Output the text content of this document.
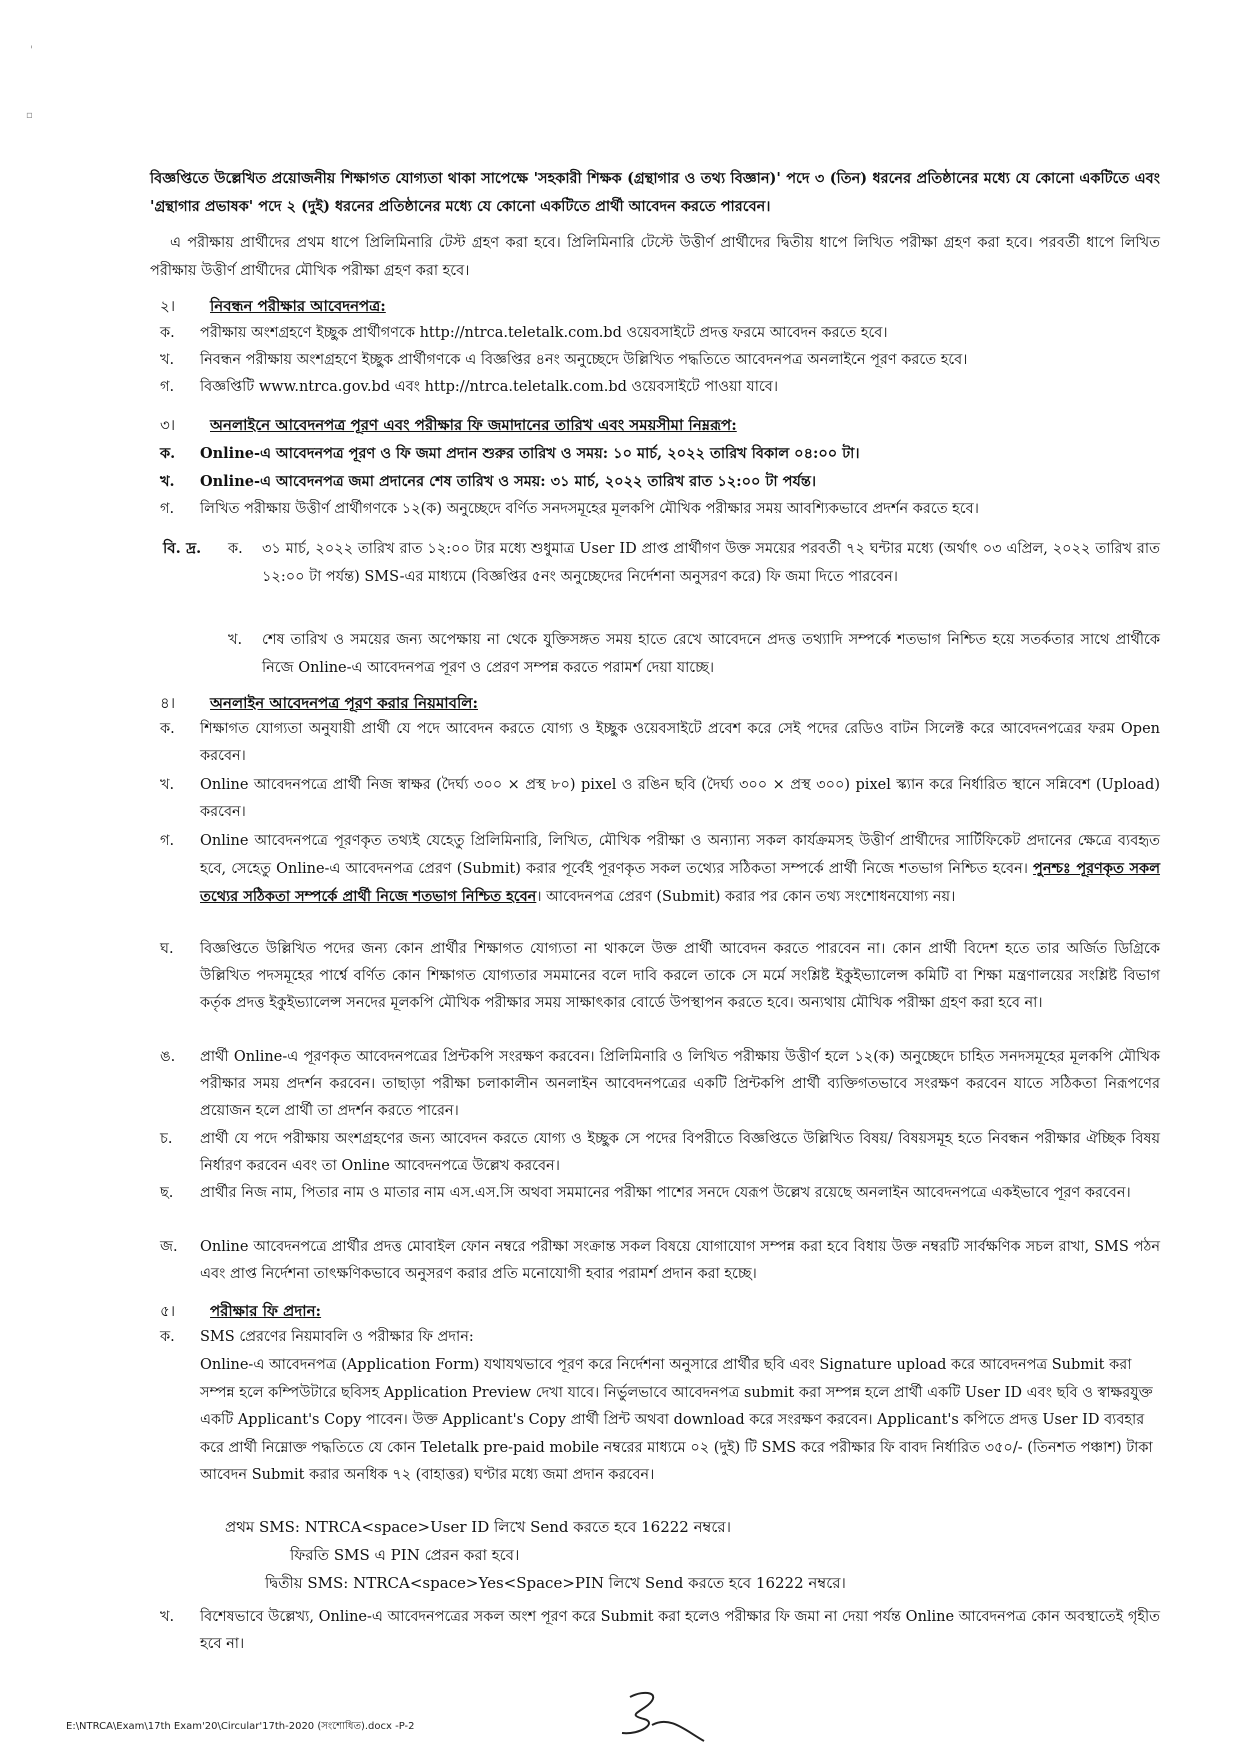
'
▫

বিজ্ঞপ্তিতে উল্লেখিত প্রয়োজনীয় শিক্ষাগত যোগ্যতা থাকা সাপেক্ষে 'সহকারী শিক্ষক (গ্রন্থাগার ও তথ্য বিজ্ঞান)' পদে ৩ (তিন) ধরনের প্রতিষ্ঠানের মধ্যে যে কোনো একটিতে এবং 'গ্রন্থাগার প্রভাষক' পদে ২ (দুই) ধরনের প্রতিষ্ঠানের মধ্যে যে কোনো একটিতে প্রার্থী আবেদন করতে পারবেন।

এ পরীক্ষায় প্রার্থীদের প্রথম ধাপে প্রিলিমিনারি টেস্ট গ্রহণ করা হবে। প্রিলিমিনারি টেস্টে উত্তীর্ণ প্রার্থীদের দ্বিতীয় ধাপে লিখিত পরীক্ষা গ্রহণ করা হবে। পরবর্তী ধাপে লিখিত পরীক্ষায় উত্তীর্ণ প্রার্থীদের মৌখিক পরীক্ষা গ্রহণ করা হবে।

২। নিবন্ধন পরীক্ষার আবেদনপত্র:

ক.	পরীক্ষায় অংশগ্রহণে ইচ্ছুক প্রার্থীগণকে http://ntrca.teletalk.com.bd ওয়েবসাইটে প্রদত্ত ফরমে আবেদন করতে হবে।

খ.	নিবন্ধন পরীক্ষায় অংশগ্রহণে ইচ্ছুক প্রার্থীগণকে এ বিজ্ঞপ্তির ৪নং অনুচ্ছেদে উল্লিখিত পদ্ধতিতে আবেদনপত্র অনলাইনে পূরণ করতে হবে।

গ.	বিজ্ঞপ্তিটি www.ntrca.gov.bd এবং http://ntrca.teletalk.com.bd ওয়েবসাইটে পাওয়া যাবে।

৩। অনলাইনে আবেদনপত্র পূরণ এবং পরীক্ষার ফি জমাদানের তারিখ এবং সময়সীমা নিম্নরূপ:

ক.	Online-এ আবেদনপত্র পূরণ ও ফি জমা প্রদান শুরুর তারিখ ও সময়: ১০ মার্চ, ২০২২ তারিখ বিকাল ০৪:০০ টা।

খ.	Online-এ আবেদনপত্র জমা প্রদানের শেষ তারিখ ও সময়: ৩১ মার্চ, ২০২২ তারিখ রাত ১২:০০ টা পর্যন্ত।

গ.	লিখিত পরীক্ষায় উত্তীর্ণ প্রার্থীগণকে ১২(ক) অনুচ্ছেদে বর্ণিত সনদসমূহের মূলকপি মৌখিক পরীক্ষার সময় আবশ্যিকভাবে প্রদর্শন করতে হবে।

বি. দ্র. ক. ৩১ মার্চ, ২০২২ তারিখ রাত ১২:০০ টার মধ্যে শুধুমাত্র User ID প্রাপ্ত প্রার্থীগণ উক্ত সময়ের পরবর্তী ৭২ ঘন্টার মধ্যে (অর্থাৎ ০৩ এপ্রিল, ২০২২ তারিখ রাত ১২:০০ টা পর্যন্ত) SMS-এর মাধ্যমে (বিজ্ঞপ্তির ৫নং অনুচ্ছেদের নির্দেশনা অনুসরণ করে) ফি জমা দিতে পারবেন।

খ. শেষ তারিখ ও সময়ের জন্য অপেক্ষায় না থেকে যুক্তিসঙ্গত সময় হাতে রেখে আবেদনে প্রদত্ত তথ্যাদি সম্পর্কে শতভাগ নিশ্চিত হয়ে সতর্কতার সাথে প্রার্থীকে নিজে Online-এ আবেদনপত্র পূরণ ও প্রেরণ সম্পন্ন করতে পরামর্শ দেয়া যাচ্ছে।

৪। অনলাইন আবেদনপত্র পূরণ করার নিয়মাবলি:

ক.	শিক্ষাগত যোগ্যতা অনুযায়ী প্রার্থী যে পদে আবেদন করতে যোগ্য ও ইচ্ছুক ওয়েবসাইটে প্রবেশ করে সেই পদের রেডিও বাটন সিলেক্ট করে আবেদনপত্রের ফরম Open করবেন।

খ.	Online আবেদনপত্রে প্রার্থী নিজ স্বাক্ষর (দৈর্ঘ্য ৩০০ × প্রস্থ ৮০) pixel ও রঙিন ছবি (দৈর্ঘ্য ৩০০ × প্রস্থ ৩০০) pixel স্ক্যান করে নির্ধারিত স্থানে সন্নিবেশ (Upload) করবেন।

গ.	Online আবেদনপত্রে পূরণকৃত তথ্যই যেহেতু প্রিলিমিনারি, লিখিত, মৌখিক পরীক্ষা ও অন্যান্য সকল কার্যক্রমসহ উত্তীর্ণ প্রার্থীদের সার্টিফিকেট প্রদানের ক্ষেত্রে ব্যবহৃত হবে, সেহেতু Online-এ আবেদনপত্র প্রেরণ (Submit) করার পূর্বেই পূরণকৃত সকল তথ্যের সঠিকতা সম্পর্কে প্রার্থী নিজে শতভাগ নিশ্চিত হবেন। পুনশ্চঃ পূরণকৃত সকল তথ্যের সঠিকতা সম্পর্কে প্রার্থী নিজে শতভাগ নিশ্চিত হবেন। আবেদনপত্র প্রেরণ (Submit) করার পর কোন তথ্য সংশোধনযোগ্য নয়।

ঘ.	বিজ্ঞপ্তিতে উল্লিখিত পদের জন্য কোন প্রার্থীর শিক্ষাগত যোগ্যতা না থাকলে উক্ত প্রার্থী আবেদন করতে পারবেন না। কোন প্রার্থী বিদেশ হতে তার অর্জিত ডিগ্রিকে উল্লিখিত পদসমূহের পার্শ্বে বর্ণিত কোন শিক্ষাগত যোগ্যতার সমমানের বলে দাবি করলে তাকে সে মর্মে সংশ্লিষ্ট ইকুইভ্যালেন্স কমিটি বা শিক্ষা মন্ত্রণালয়ের সংশ্লিষ্ট বিভাগ কর্তৃক প্রদত্ত ইকুইভ্যালেন্স সনদের মূলকপি মৌখিক পরীক্ষার সময় সাক্ষাৎকার বোর্ডে উপস্থাপন করতে হবে। অন্যথায় মৌখিক পরীক্ষা গ্রহণ করা হবে না।

ঙ.	প্রার্থী Online-এ পূরণকৃত আবেদনপত্রের প্রিন্টকপি সংরক্ষণ করবেন। প্রিলিমিনারি ও লিখিত পরীক্ষায় উত্তীর্ণ হলে ১২(ক) অনুচ্ছেদে চাহিত সনদসমূহের মূলকপি মৌখিক পরীক্ষার সময় প্রদর্শন করবেন। তাছাড়া পরীক্ষা চলাকালীন অনলাইন আবেদনপত্রের একটি প্রিন্টকপি প্রার্থী ব্যক্তিগতভাবে সংরক্ষণ করবেন যাতে সঠিকতা নিরূপণের প্রয়োজন হলে প্রার্থী তা প্রদর্শন করতে পারেন।

চ.	প্রার্থী যে পদে পরীক্ষায় অংশগ্রহণের জন্য আবেদন করতে যোগ্য ও ইচ্ছুক সে পদের বিপরীতে বিজ্ঞপ্তিতে উল্লিখিত বিষয়/ বিষয়সমূহ হতে নিবন্ধন পরীক্ষার ঐচ্ছিক বিষয় নির্ধারণ করবেন এবং তা Online আবেদনপত্রে উল্লেখ করবেন।

ছ.	প্রার্থীর নিজ নাম, পিতার নাম ও মাতার নাম এস.এস.সি অথবা সমমানের পরীক্ষা পাশের সনদে যেরূপ উল্লেখ রয়েছে অনলাইন আবেদনপত্রে একইভাবে পূরণ করবেন।

জ.	Online আবেদনপত্রে প্রার্থীর প্রদত্ত মোবাইল ফোন নম্বরে পরীক্ষা সংক্রান্ত সকল বিষয়ে যোগাযোগ সম্পন্ন করা হবে বিধায় উক্ত নম্বরটি সার্বক্ষণিক সচল রাখা, SMS পঠন এবং প্রাপ্ত নির্দেশনা তাৎক্ষণিকভাবে অনুসরণ করার প্রতি মনোযোগী হবার পরামর্শ প্রদান করা হচ্ছে।

৫। পরীক্ষার ফি প্রদান:

ক.	SMS প্রেরণের নিয়মাবলি ও পরীক্ষার ফি প্রদান:

Online-এ আবেদনপত্র (Application Form) যথাযথভাবে পূরণ করে নির্দেশনা অনুসারে প্রার্থীর ছবি এবং Signature upload করে আবেদনপত্র Submit করা সম্পন্ন হলে কম্পিউটারে ছবিসহ Application Preview দেখা যাবে। নির্ভুলভাবে আবেদনপত্র submit করা সম্পন্ন হলে প্রার্থী একটি User ID এবং ছবি ও স্বাক্ষরযুক্ত একটি Applicant's Copy পাবেন। উক্ত Applicant's Copy প্রার্থী প্রিন্ট অথবা download করে সংরক্ষণ করবেন। Applicant's কপিতে প্রদত্ত User ID ব্যবহার করে প্রার্থী নিম্নোক্ত পদ্ধতিতে যে কোন Teletalk pre-paid mobile নম্বরের মাধ্যমে ০২ (দুই) টি SMS করে পরীক্ষার ফি বাবদ নির্ধারিত ৩৫০/- (তিনশত পঞ্চাশ) টাকা আবেদন Submit করার অনধিক ৭২ (বাহাত্তর) ঘণ্টার মধ্যে জমা প্রদান করবেন।

প্রথম SMS: NTRCA<space>User ID লিখে Send করতে হবে 16222 নম্বরে।
ফিরতি SMS এ PIN প্রেরন করা হবে।
দ্বিতীয় SMS: NTRCA<space>Yes<Space>PIN লিখে Send করতে হবে 16222 নম্বরে।

খ.	বিশেষভাবে উল্লেখ্য, Online-এ আবেদনপত্রের সকল অংশ পূরণ করে Submit করা হলেও পরীক্ষার ফি জমা না দেয়া পর্যন্ত Online আবেদনপত্র কোন অবস্থাতেই গৃহীত হবে না।

E:\NTRCA\Exam\17th Exam'20\Circular'17th-2020 (সংশোধিত).docx -P-2
